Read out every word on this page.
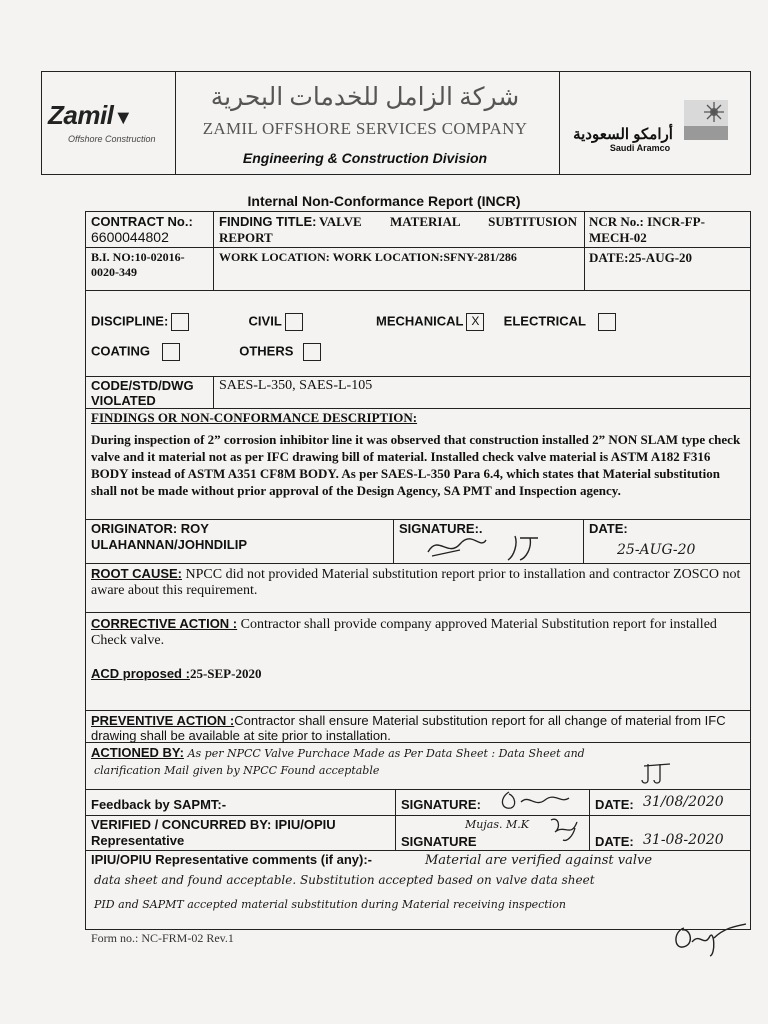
Zamil▼
Offshore Construction
شركة الزامل للخدمات البحرية
ZAMIL OFFSHORE SERVICES COMPANY
Engineering & Construction Division
أرامكو السعودية
Saudi Aramco
Internal Non-Conformance Report (INCR)
CONTRACT No.:
6600044802
FINDING TITLE: VALVE MATERIAL SUBTITUSION REPORT
NCR No.: INCR-FP-MECH-02
B.I. NO:10-02016-0020-349
WORK LOCATION: WORK LOCATION:SFNY-281/286	DATE:25-AUG-20
DISCIPLINE:	CIVIL	MECHANICAL X ELECTRICAL
COATING	OTHERS
CODE/STD/DWG VIOLATED
SAES-L-350, SAES-L-105
FINDINGS OR NON-CONFORMANCE DESCRIPTION:
During inspection of 2” corrosion inhibitor line it was observed that construction installed 2” NON SLAM type check valve and it material not as per IFC drawing bill of material. Installed check valve material is ASTM A182 F316 BODY instead of ASTM A351 CF8M BODY. As per SAES-L-350 Para 6.4, which states that Material substitution shall not be made without prior approval of the Design Agency, SA PMT and Inspection agency.
ORIGINATOR: ROY
ULAHANNAN/JOHNDILIP
SIGNATURE:.	DATE:
25-AUG-20
ROOT CAUSE: NPCC did not provided Material substitution report prior to installation and contractor ZOSCO not aware about this requirement.
CORRECTIVE ACTION : Contractor shall provide company approved Material Substitution report for installed Check valve.
ACD proposed :25-SEP-2020
PREVENTIVE ACTION :Contractor shall ensure Material substitution report for all change of material from IFC drawing shall be available at site prior to installation.
ACTIONED BY: As per NPCC Valve Purchace Made as Per Data Sheet : Data Sheet and
clarification Mail given by NPCC Found acceptable
Feedback by SAPMT:-	SIGNATURE:	DATE: 31/08/2020
VERIFIED / CONCURRED BY: IPIU/OPIU Representative
Mujas. M.K
SIGNATURE	DATE: 31-08-2020
IPIU/OPIU Representative comments (if any):-	Material are verified against valve
data sheet and found acceptable. Substitution accepted based on valve data sheet
PID and SAPMT accepted material substitution during Material receiving inspection
Form no.: NC-FRM-02 Rev.1
